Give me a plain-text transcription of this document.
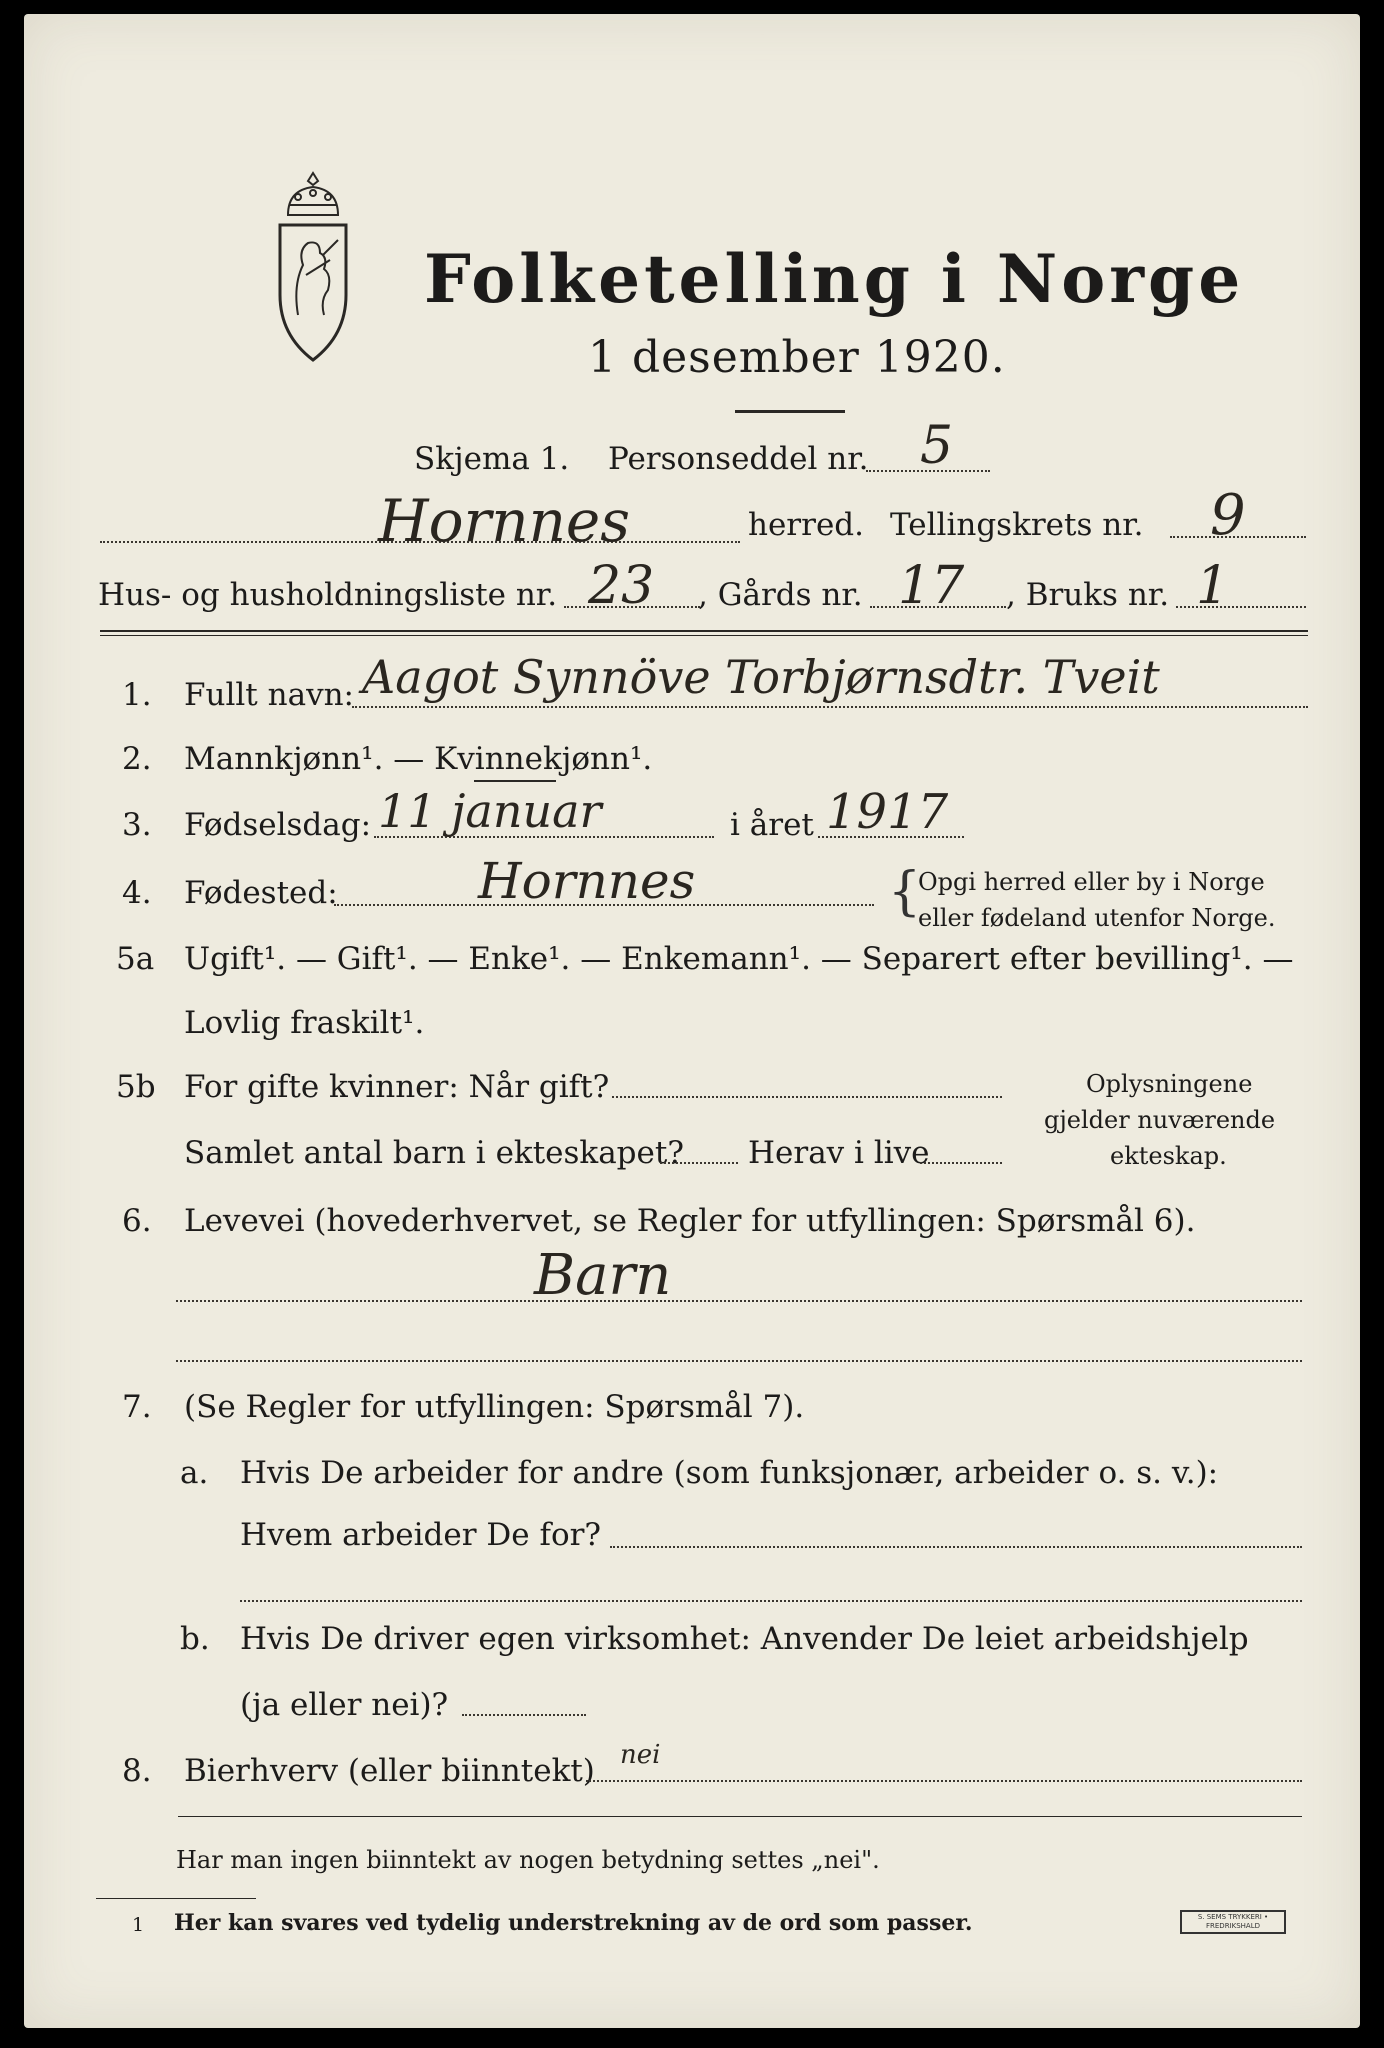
Folketelling i Norge
1 desember 1920.
Skjema 1. Personseddel nr. 5
Hornnes	herred. Tellingskrets nr. 9
Hus- og husholdningsliste nr. 23 , Gårds nr. 17 , Bruks nr. 1
1. Fullt navn: Aagot Synnöve Torbjørnsdtr. Tveit
2. Mannkjønn¹. — Kvinnekjønn¹.
3. Fødselsdag: 11 januar	i året 1917
4. Fødested:	Hornnes	{
Opgi herred eller by i Norge
eller fødeland utenfor Norge.
5a Ugift¹. — Gift¹. — Enke¹. — Enkemann¹. — Separert efter bevilling¹. —
Lovlig fraskilt¹.
5b For gifte kvinner: Når gift?
Samlet antal barn i ekteskapet? Herav i live
Oplysningene
gjelder nuværende
ekteskap.
6. Levevei (hovederhvervet, se Regler for utfyllingen: Spørsmål 6).
Barn
7. (Se Regler for utfyllingen: Spørsmål 7).
a. Hvis De arbeider for andre (som funksjonær, arbeider o. s. v.):
Hvem arbeider De for?
b. Hvis De driver egen virksomhet: Anvender De leiet arbeidshjelp
(ja eller nei)?
8. Bierhverv (eller biinntekt) nei
Har man ingen biinntekt av nogen betydning settes „nei".
1 Her kan svares ved tydelig understrekning av de ord som passer.	S. SEMS TRYKKERI • FREDRIKSHALD
